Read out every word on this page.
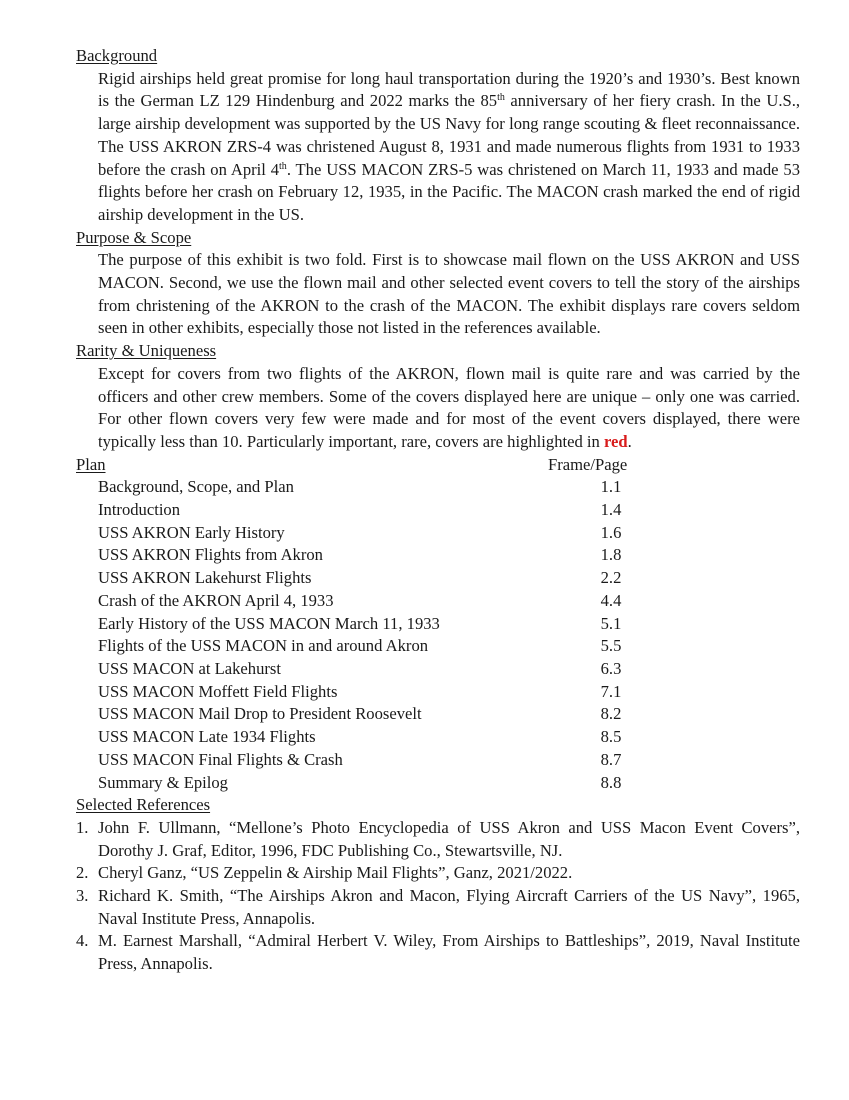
Background
Rigid airships held great promise for long haul transportation during the 1920’s and 1930’s. Best known is the German LZ 129 Hindenburg and 2022 marks the 85th anniversary of her fiery crash. In the U.S., large airship development was supported by the US Navy for long range scouting & fleet reconnaissance. The USS AKRON ZRS-4 was christened August 8, 1931 and made numerous flights from 1931 to 1933 before the crash on April 4th. The USS MACON ZRS-5 was christened on March 11, 1933 and made 53 flights before her crash on February 12, 1935, in the Pacific. The MACON crash marked the end of rigid airship development in the US.
Purpose & Scope
The purpose of this exhibit is two fold. First is to showcase mail flown on the USS AKRON and USS MACON. Second, we use the flown mail and other selected event covers to tell the story of the airships from christening of the AKRON to the crash of the MACON. The exhibit displays rare covers seldom seen in other exhibits, especially those not listed in the references available.
Rarity & Uniqueness
Except for covers from two flights of the AKRON, flown mail is quite rare and was carried by the officers and other crew members. Some of the covers displayed here are unique – only one was carried. For other flown covers very few were made and for most of the event covers displayed, there were typically less than 10. Particularly important, rare, covers are highlighted in red.
Plan	Frame/Page
Background, Scope, and Plan	1.1
Introduction	1.4
USS AKRON Early History	1.6
USS AKRON Flights from Akron	1.8
USS AKRON Lakehurst Flights	2.2
Crash of the AKRON April 4, 1933	4.4
Early History of the USS MACON March 11, 1933	5.1
Flights of the USS MACON in and around Akron	5.5
USS MACON at Lakehurst	6.3
USS MACON Moffett Field Flights	7.1
USS MACON Mail Drop to President Roosevelt	8.2
USS MACON Late 1934 Flights	8.5
USS MACON Final Flights & Crash	8.7
Summary & Epilog	8.8
Selected References
1. John F. Ullmann, “Mellone’s Photo Encyclopedia of USS Akron and USS Macon Event Covers”, Dorothy J. Graf, Editor, 1996, FDC Publishing Co., Stewartsville, NJ.
2. Cheryl Ganz, “US Zeppelin & Airship Mail Flights”, Ganz, 2021/2022.
3. Richard K. Smith, “The Airships Akron and Macon, Flying Aircraft Carriers of the US Navy”, 1965, Naval Institute Press, Annapolis.
4. M. Earnest Marshall, “Admiral Herbert V. Wiley, From Airships to Battleships”, 2019, Naval Institute Press, Annapolis.
